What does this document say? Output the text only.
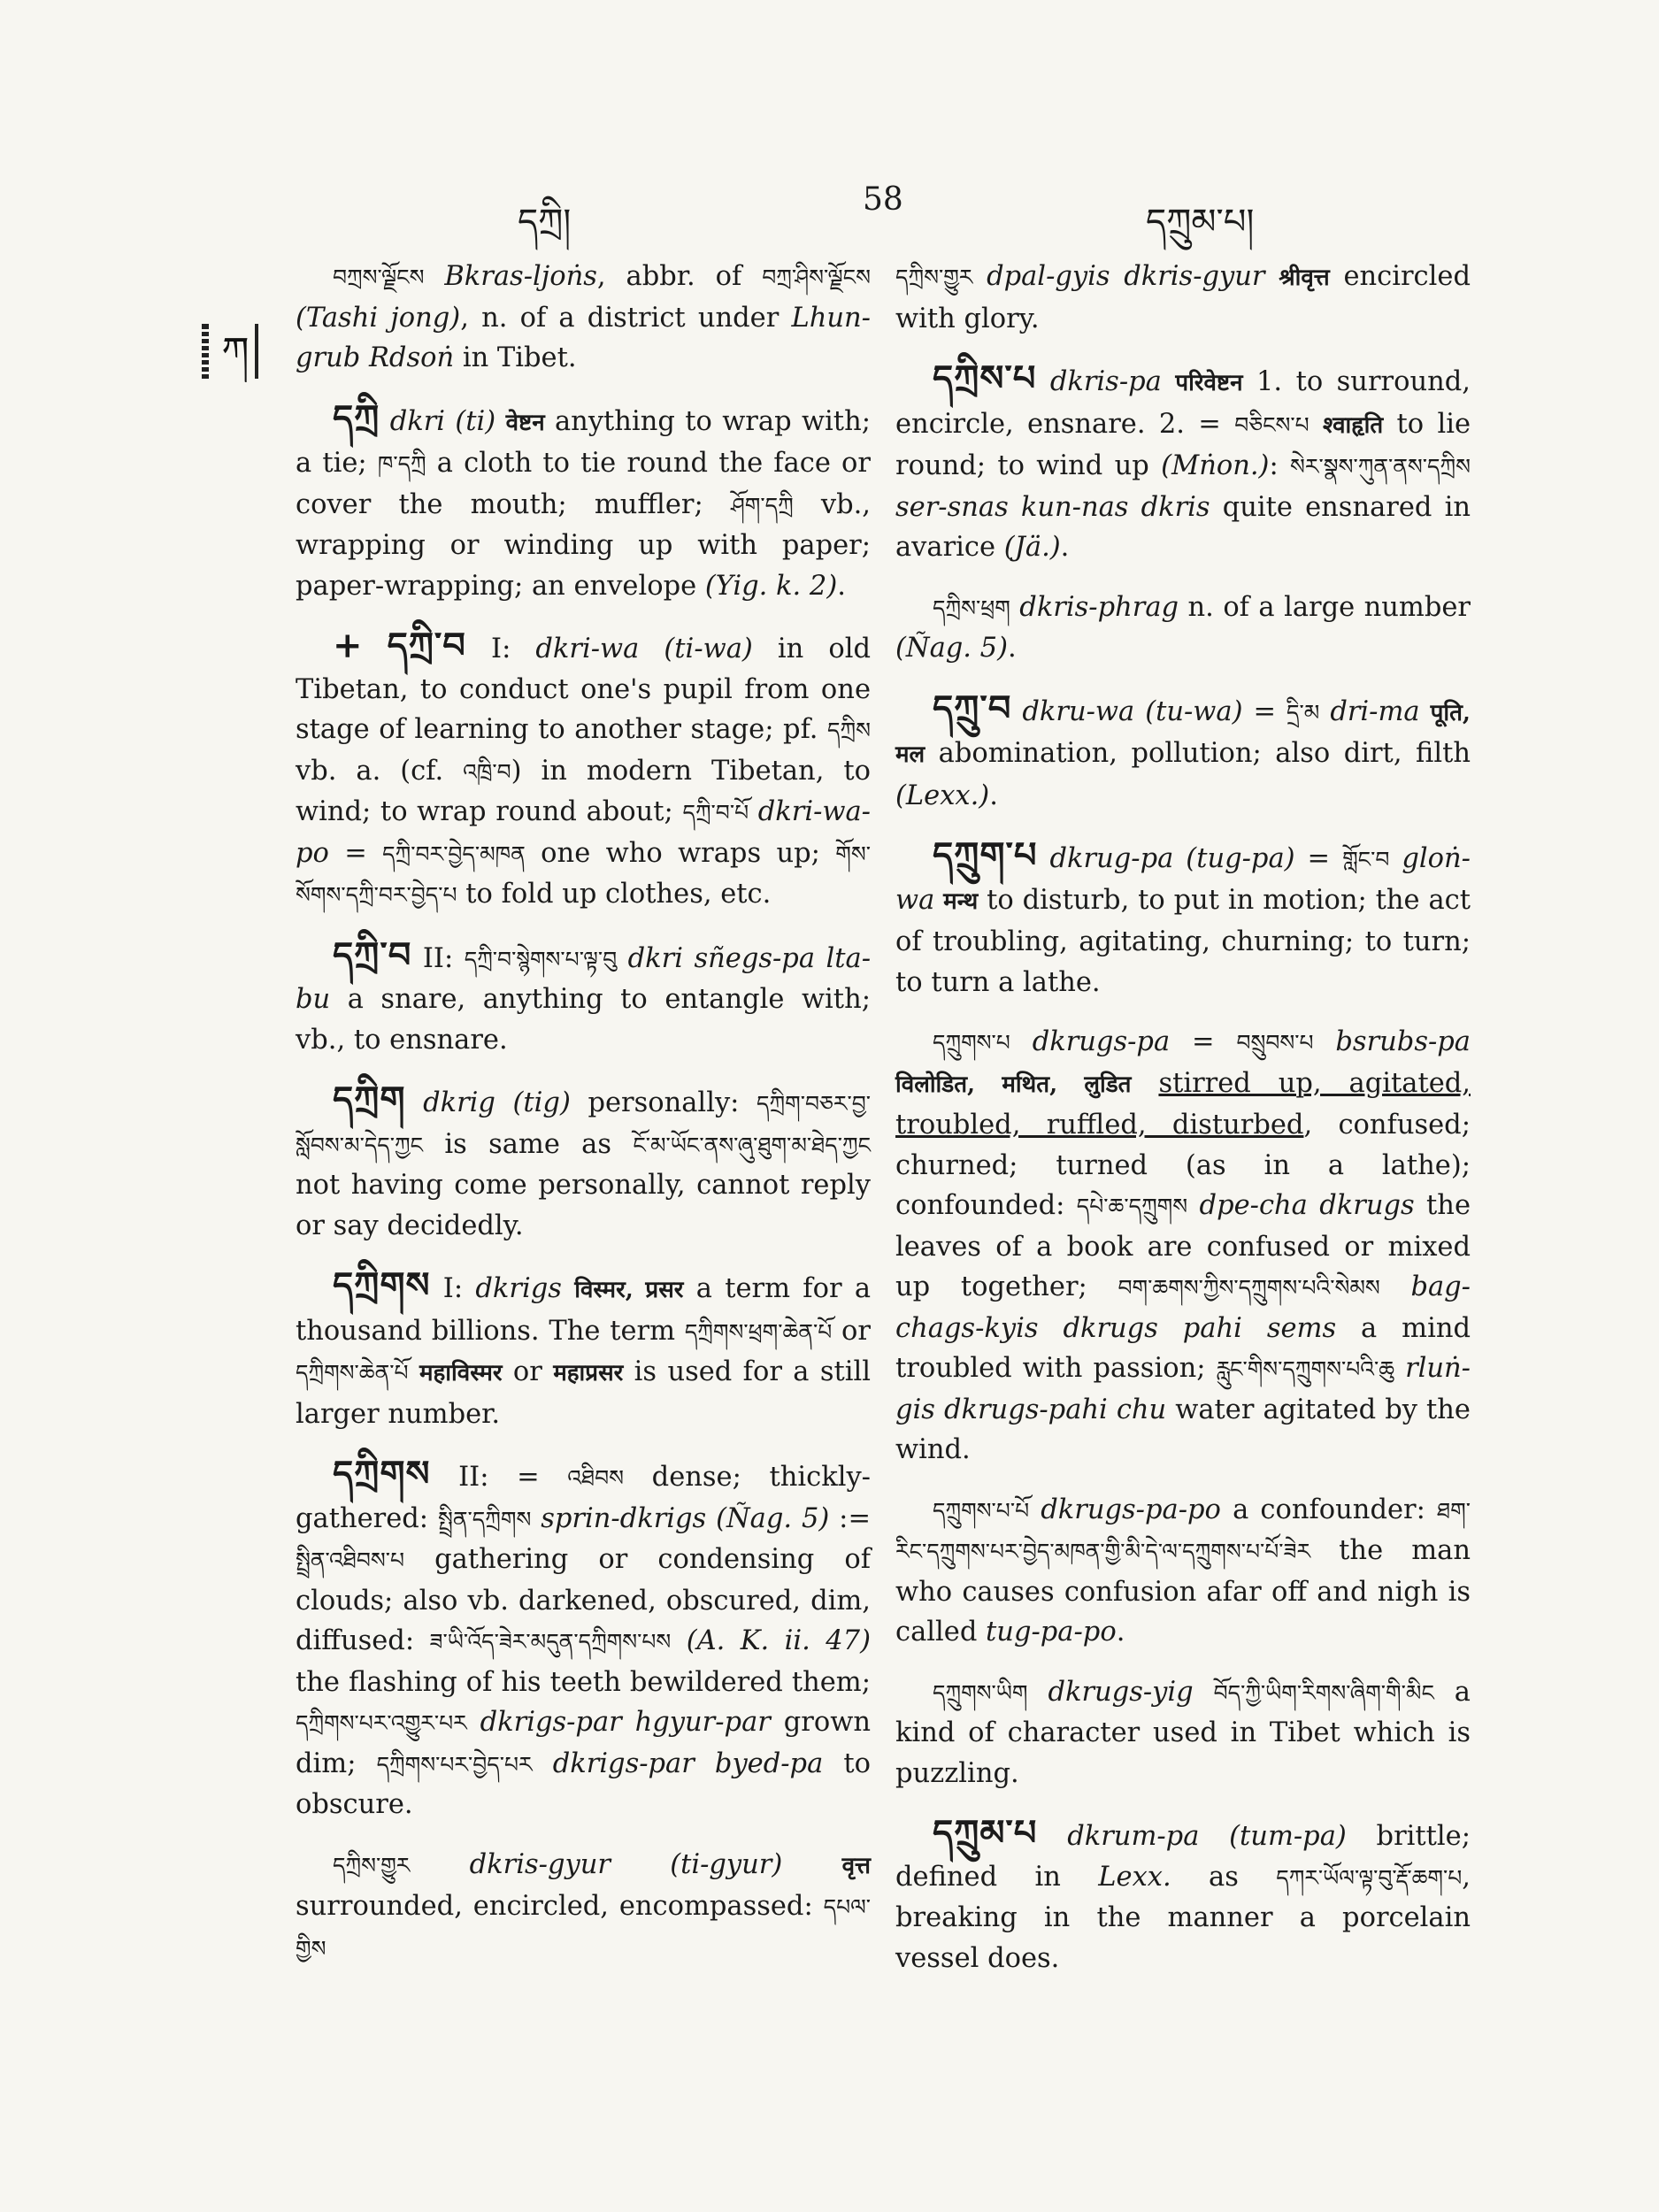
དཀྲི།
58
དཀྲུམ་པ།
ཀ

བཀྲས་ལྗོངས Bkras-ljoṅs, abbr. of བཀྲ་ཤིས་ལྗོངས (Tashi jong), n. of a district under Lhun-grub Rdsoṅ in Tibet.

དཀྲི dkri (ti) वेष्टन anything to wrap with; a tie; ཁ་དཀྲི a cloth to tie round the face or cover the mouth; muffler; ཤོག་དཀྲི vb., wrapping or winding up with paper; paper-wrapping; an envelope (Yig. k. 2).

+ དཀྲི་བ I: dkri-wa (ti-wa) in old Tibetan, to conduct one's pupil from one stage of learning to another stage; pf. དཀྲིས vb. a. (cf. འཁྲི་བ) in modern Tibetan, to wind; to wrap round about; དཀྲི་བ་པོ dkri-wa-po = དཀྲི་བར་བྱེད་མཁན one who wraps up; གོས་སོགས་དཀྲི་བར་བྱེད་པ to fold up clothes, etc.

དཀྲི་བ II: དཀྲི་བ་སྙེགས་པ་ལྟ་བུ dkri sñegs-pa lta-bu a snare, anything to entangle with; vb., to ensnare.

དཀྲིག dkrig (tig) personally: དཀྲིག་བཅར་བྱ་སློབས་མ་དེད་ཀྱང is same as ངོ་མ་ཡོང་ནས་ཞུ་ཐུག་མ་ཐེད་ཀྱང not having come personally, cannot reply or say decidedly.

དཀྲིགས I: dkrigs विस्मर, प्रसर a term for a thousand billions. The term དཀྲིགས་ཕྲག་ཆེན་པོ or དཀྲིགས་ཆེན་པོ महाविस्मर or महाप्रसर is used for a still larger number.

དཀྲིགས II: = འཐིབས dense; thickly-gathered: སྤྲིན་དཀྲིགས sprin-dkrigs (Ñag. 5) := སྤྲིན་འཐིབས་པ gathering or condensing of clouds; also vb. darkened, obscured, dim, diffused: ཟ་ཡི་འོད་ཟེར་མདུན་དཀྲིགས་པས (A. K. ii. 47) the flashing of his teeth bewildered them; དཀྲིགས་པར་འགྱུར་པར dkrigs-par hgyur-par grown dim; དཀྲིགས་པར་བྱེད་པར dkrigs-par byed-pa to obscure.

དཀྲིས་གྱུར dkris-gyur (ti-gyur)	वृत्त surrounded, encircled, encompassed: དཔལ་གྱིས

དཀྲིས་གྱུར dpal-gyis dkris-gyur श्रीवृत्त encircled with glory.

དཀྲིས་པ dkris-pa परिवेष्टन 1. to surround, encircle, ensnare. 2. = བཅིངས་པ श्वाहृति to lie round; to wind up (Mṅon.): སེར་སྣས་ཀུན་ནས་དཀྲིས ser-snas kun-nas dkris quite ensnared in avarice (Jä.).

དཀྲིས་ཕྲག dkris-phrag n. of a large number (Ñag. 5).

དཀྲུ་བ dkru-wa (tu-wa) = དྲི་མ dri-ma पूति, मल abomination, pollution; also dirt, filth (Lexx.).

དཀྲུག་པ dkrug-pa (tug-pa) = གློང་བ gloṅ-wa मन्थ to disturb, to put in motion; the act of troubling, agitating, churning; to turn; to turn a lathe.

དཀྲུགས་པ dkrugs-pa = བསྲུབས་པ bsrubs-pa विलोडित, मथित, लुडित stirred up, agitated, troubled, ruffled, disturbed, confused; churned; turned (as in a lathe); confounded: དཔེ་ཆ་དཀྲུགས dpe-cha dkrugs the leaves of a book are confused or mixed up together; བག་ཆགས་ཀྱིས་དཀྲུགས་པའི་སེམས bag-chags-kyis dkrugs pahi sems a mind troubled with passion; རླུང་གིས་དཀྲུགས་པའི་ཆུ rluṅ-gis dkrugs-pahi chu water agitated by the wind.

དཀྲུགས་པ་པོ dkrugs-pa-po a confounder: ཐག་རིང་དཀྲུགས་པར་བྱེད་མཁན་གྱི་མི་དེ་ལ་དཀྲུགས་པ་པོ་ཟེར the man who causes confusion afar off and nigh is called tug-pa-po.

དཀྲུགས་ཡིག dkrugs-yig བོད་ཀྱི་ཡིག་རིགས་ཞིག་གི་མིང a kind of character used in Tibet which is puzzling.

དཀྲུམ་པ dkrum-pa (tum-pa) brittle; defined in Lexx. as དཀར་ཡོལ་ལྟ་བུ་རྡོ་ཆག་པ, breaking in the manner a porcelain vessel does.
